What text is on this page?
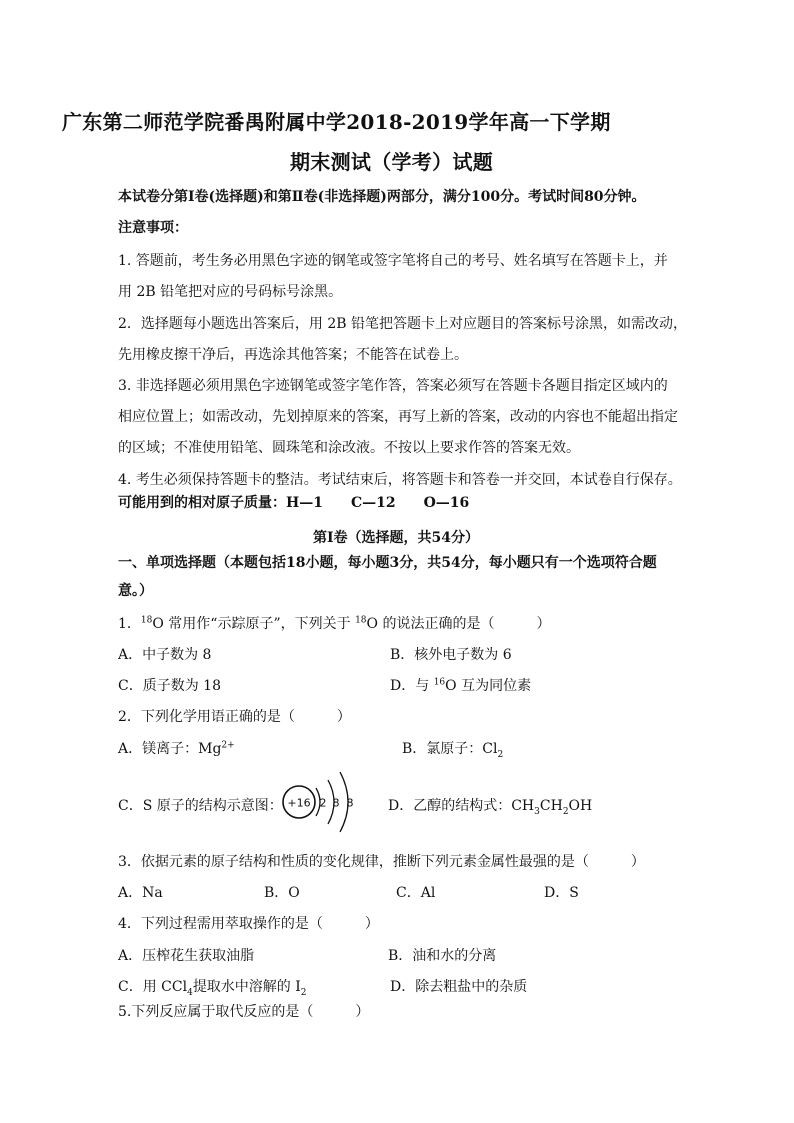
广东第二师范学院番禺附属中学2018-2019学年高一下学期
期末测试（学考）试题
本试卷分第Ⅰ卷(选择题)和第Ⅱ卷(非选择题)两部分，满分100分。考试时间80分钟。
注意事项：
1. 答题前，考生务必用黑色字迹的钢笔或签字笔将自己的考号、姓名填写在答题卡上，并
用 2B 铅笔把对应的号码标号涂黑。
2．选择题每小题选出答案后，用 2B 铅笔把答题卡上对应题目的答案标号涂黑，如需改动，
先用橡皮擦干净后，再选涂其他答案；不能答在试卷上。
3. 非选择题必须用黑色字迹钢笔或签字笔作答，答案必须写在答题卡各题目指定区域内的
相应位置上；如需改动，先划掉原来的答案，再写上新的答案，改动的内容也不能超出指定
的区域；不准使用铅笔、圆珠笔和涂改液。不按以上要求作答的答案无效。
4. 考生必须保持答题卡的整洁。考试结束后，将答题卡和答卷一并交回，本试卷自行保存。
可能用到的相对原子质量：H—1　　C—12　　O—16
第Ⅰ卷（选择题，共54分）
一、单项选择题（本题包括18小题，每小题3分，共54分，每小题只有一个选项符合题
意。）
1．$^{18}$O 常用作“示踪原子”，下列关于 $^{18}$O 的说法正确的是（　　　）
A．中子数为 8	B．核外电子数为 6
C．质子数为 18	D．与 $^{16}$O 互为同位素
2．下列化学用语正确的是（　　　）
A．镁离子：$Mg^{2+}$	B．氯原子：$Cl_2$
C．S 原子的结构示意图： +16 2 8 8 D．乙醇的结构式：$CH_3CH_2OH$
3．依据元素的原子结构和性质的变化规律，推断下列元素金属性最强的是（　　　）
A．Na	B．O	C．Al	D．S
4．下列过程需用萃取操作的是（　　　）
A．压榨花生获取油脂	B．油和水的分离
C．用 CCl$_4$提取水中溶解的 $I_2$	D．除去粗盐中的杂质
5.下列反应属于取代反应的是（　　　）
